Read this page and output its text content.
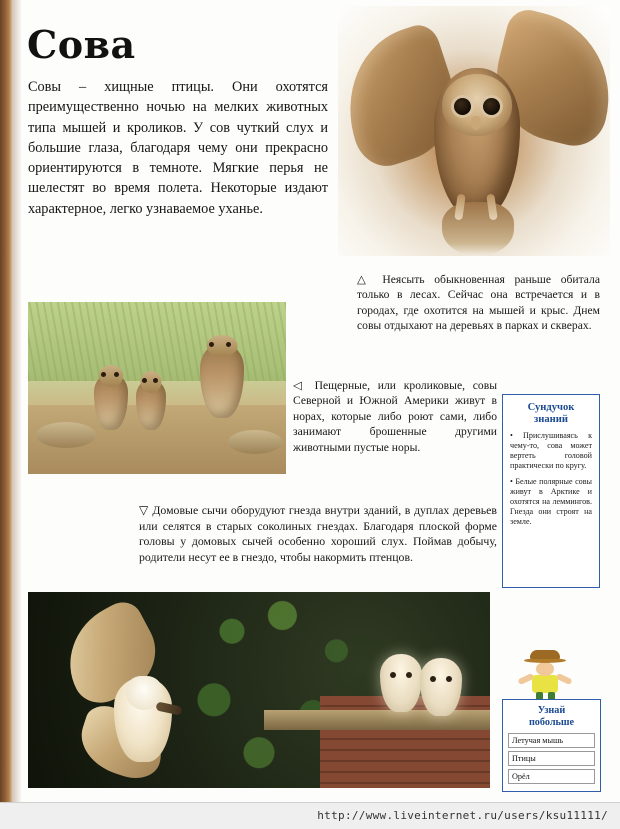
Сова
Совы – хищные птицы. Они охотятся преимущественно ночью на мелких животных типа мышей и кроликов. У сов чуткий слух и большие глаза, благодаря чему они прекрасно ориентируются в темноте. Мягкие перья не шелестят во время полета. Некоторые издают характерное, легко узнаваемое уханье.
△ Неясыть обыкновенная раньше обитала только в лесах. Сейчас она встречается и в городах, где охотится на мышей и крыс. Днем совы отдыхают на деревьях в парках и скверах.
◁ Пещерные, или кроликовые, совы Северной и Южной Америки живут в норах, которые либо роют сами, либо занимают брошенные другими животными пустые норы.
▽ Домовые сычи оборудуют гнезда внутри зданий, в дуплах деревьев или селятся в старых соколиных гнездах. Благодаря плоской форме головы у домовых сычей особенно хороший слух. Поймав добычу, родители несут ее в гнездо, чтобы накормить птенцов.
Сундучок
знаний

• Прислушиваясь к чему-то, сова может вертеть головой практически по кругу.

• Белые полярные совы живут в Арктике и охотятся на леммингов. Гнезда они строят на земле.

Узнай
побольше
Летучая мышь
Птицы
Орёл
http://www.liveinternet.ru/users/ksu11111/
